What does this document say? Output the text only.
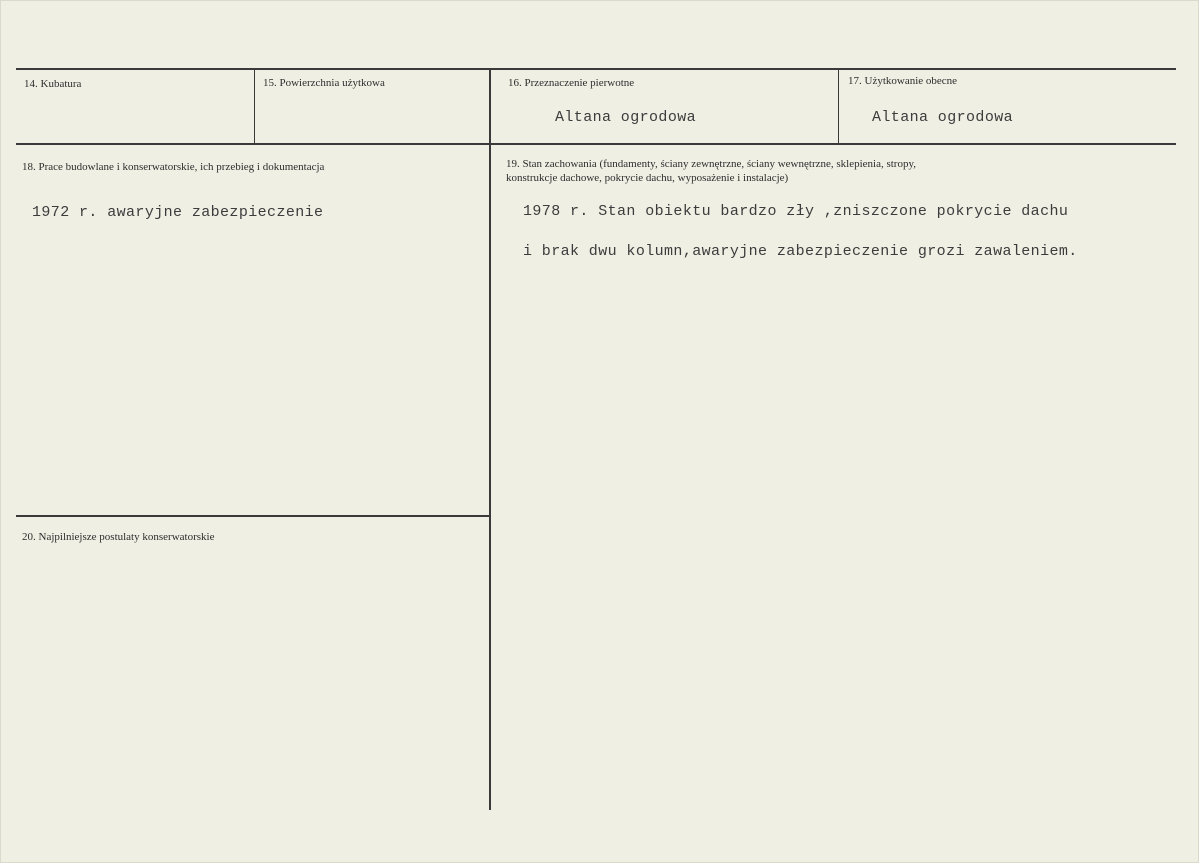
14. Kubatura	15. Powierzchnia użytkowa	16. Przeznaczenie pierwotne
Altana ogrodowa
17. Użytkowanie obecne
Altana ogrodowa
18. Prace budowlane i konserwatorskie, ich przebieg i dokumentacja
1972 r. awaryjne zabezpieczenie
19. Stan zachowania (fundamenty, ściany zewnętrzne, ściany wewnętrzne, sklepienia, stropy,
konstrukcje dachowe, pokrycie dachu, wyposażenie i instalacje)
1978 r. Stan obiektu bardzo zły ,zniszczone pokrycie dachu
i brak dwu kolumn,awaryjne zabezpieczenie grozi zawaleniem.
20. Najpilniejsze postulaty konserwatorskie
